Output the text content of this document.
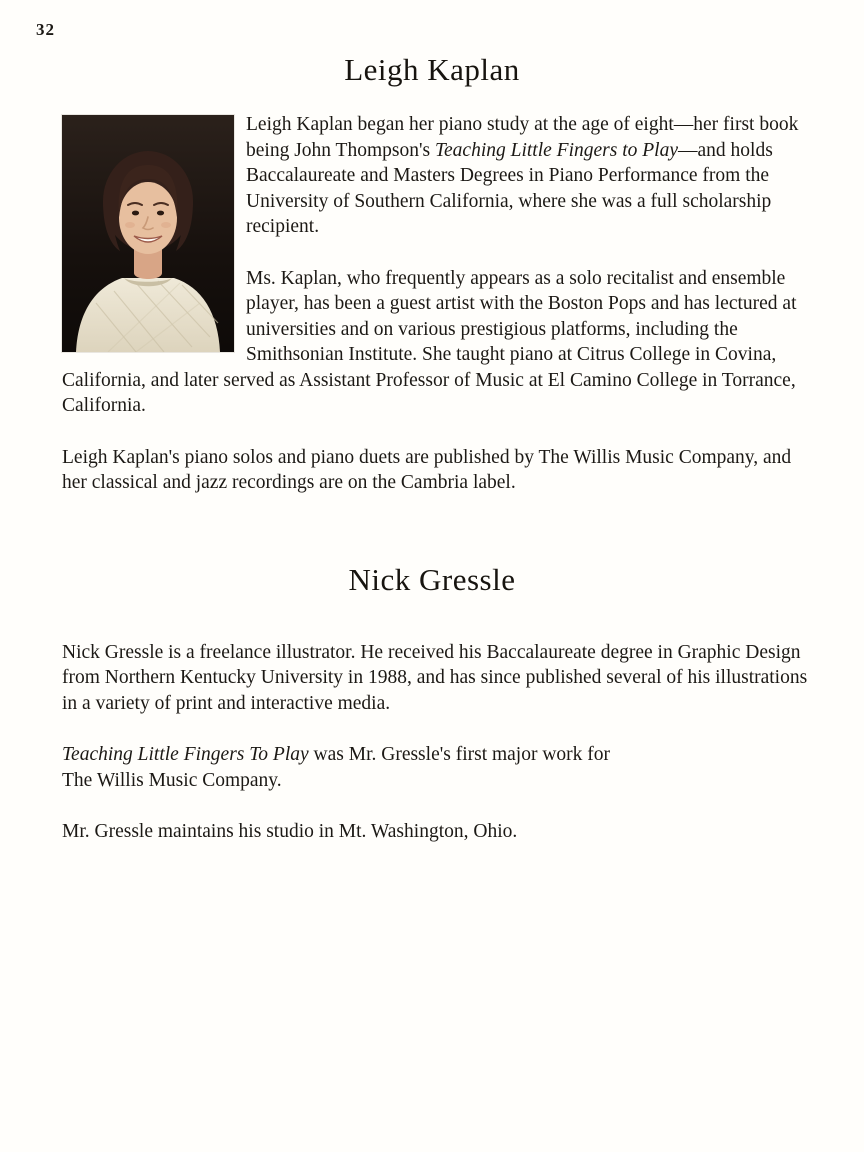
32
Leigh Kaplan

Leigh Kaplan began her piano study at the age of eight—her first book being John Thompson's Teaching Little Fingers to Play—and holds Baccalaureate and Masters Degrees in Piano Performance from the University of Southern California, where she was a full scholarship recipient.

Ms. Kaplan, who frequently appears as a solo recitalist and ensemble player, has been a guest artist with the Boston Pops and has lectured at universities and on various prestigious platforms, including the Smithsonian Institute. She taught piano at Citrus College in Covina, California, and later served as Assistant Professor of Music at El Camino College in Torrance, California.

Leigh Kaplan's piano solos and piano duets are published by The Willis Music Company, and her classical and jazz recordings are on the Cambria label.

Nick Gressle

Nick Gressle is a freelance illustrator. He received his Baccalaureate degree in Graphic Design from Northern Kentucky University in 1988, and has since published several of his illustrations in a variety of print and interactive media.

Teaching Little Fingers To Play was Mr. Gressle's first major work for
The Willis Music Company.

Mr. Gressle maintains his studio in Mt. Washington, Ohio.
